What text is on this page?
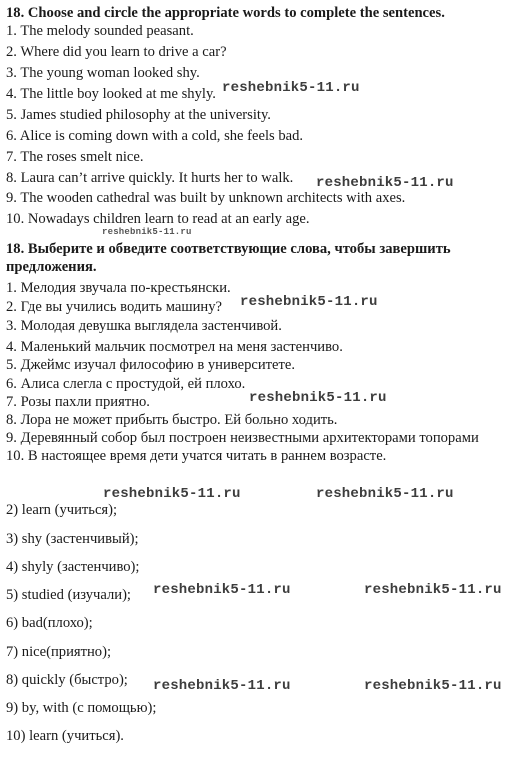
18. Choose and circle the appropriate words to complete the sentences.
1. The melody sounded peasant.
2. Where did you learn to drive a car?
3. The young woman looked shy.
4. The little boy looked at me shyly.
5. James studied philosophy at the university.
6. Alice is coming down with a cold, she feels bad.
7. The roses smelt nice.
8. Laura can’t arrive quickly. It hurts her to walk.
9. The wooden cathedral was built by unknown architects with axes.
10. Nowadays children learn to read at an early age.
18. Выберите и обведите соответствующие слова, чтобы завершить предложения.
1. Мелодия звучала по-крестьянски.
2. Где вы учились водить машину?
3. Молодая девушка выглядела застенчивой.
4. Маленький мальчик посмотрел на меня застенчиво.
5. Джеймс изучал философию в университете.
6. Алиса слегла с простудой, ей плохо.
7. Розы пахли приятно.
8. Лора не может прибыть быстро. Ей больно ходить.
9. Деревянный собор был построен неизвестными архитекторами топорами
10. В настоящее время дети учатся читать в раннем возрасте.
2) learn (учиться);
3) shy (застенчивый);
4) shyly (застенчиво);
5) studied (изучали);
6) bad(плохо);
7) nice(приятно);
8) quickly (быстро);
9) by, with (с помощью);
10) learn (учиться).
reshebnik5-11.ru
reshebnik5-11.ru
reshebnik5-11.ru
reshebnik5-11.ru
reshebnik5-11.ru
reshebnik5-11.ru	reshebnik5-11.ru
reshebnik5-11.ru	reshebnik5-11.ru
reshebnik5-11.ru	reshebnik5-11.ru
